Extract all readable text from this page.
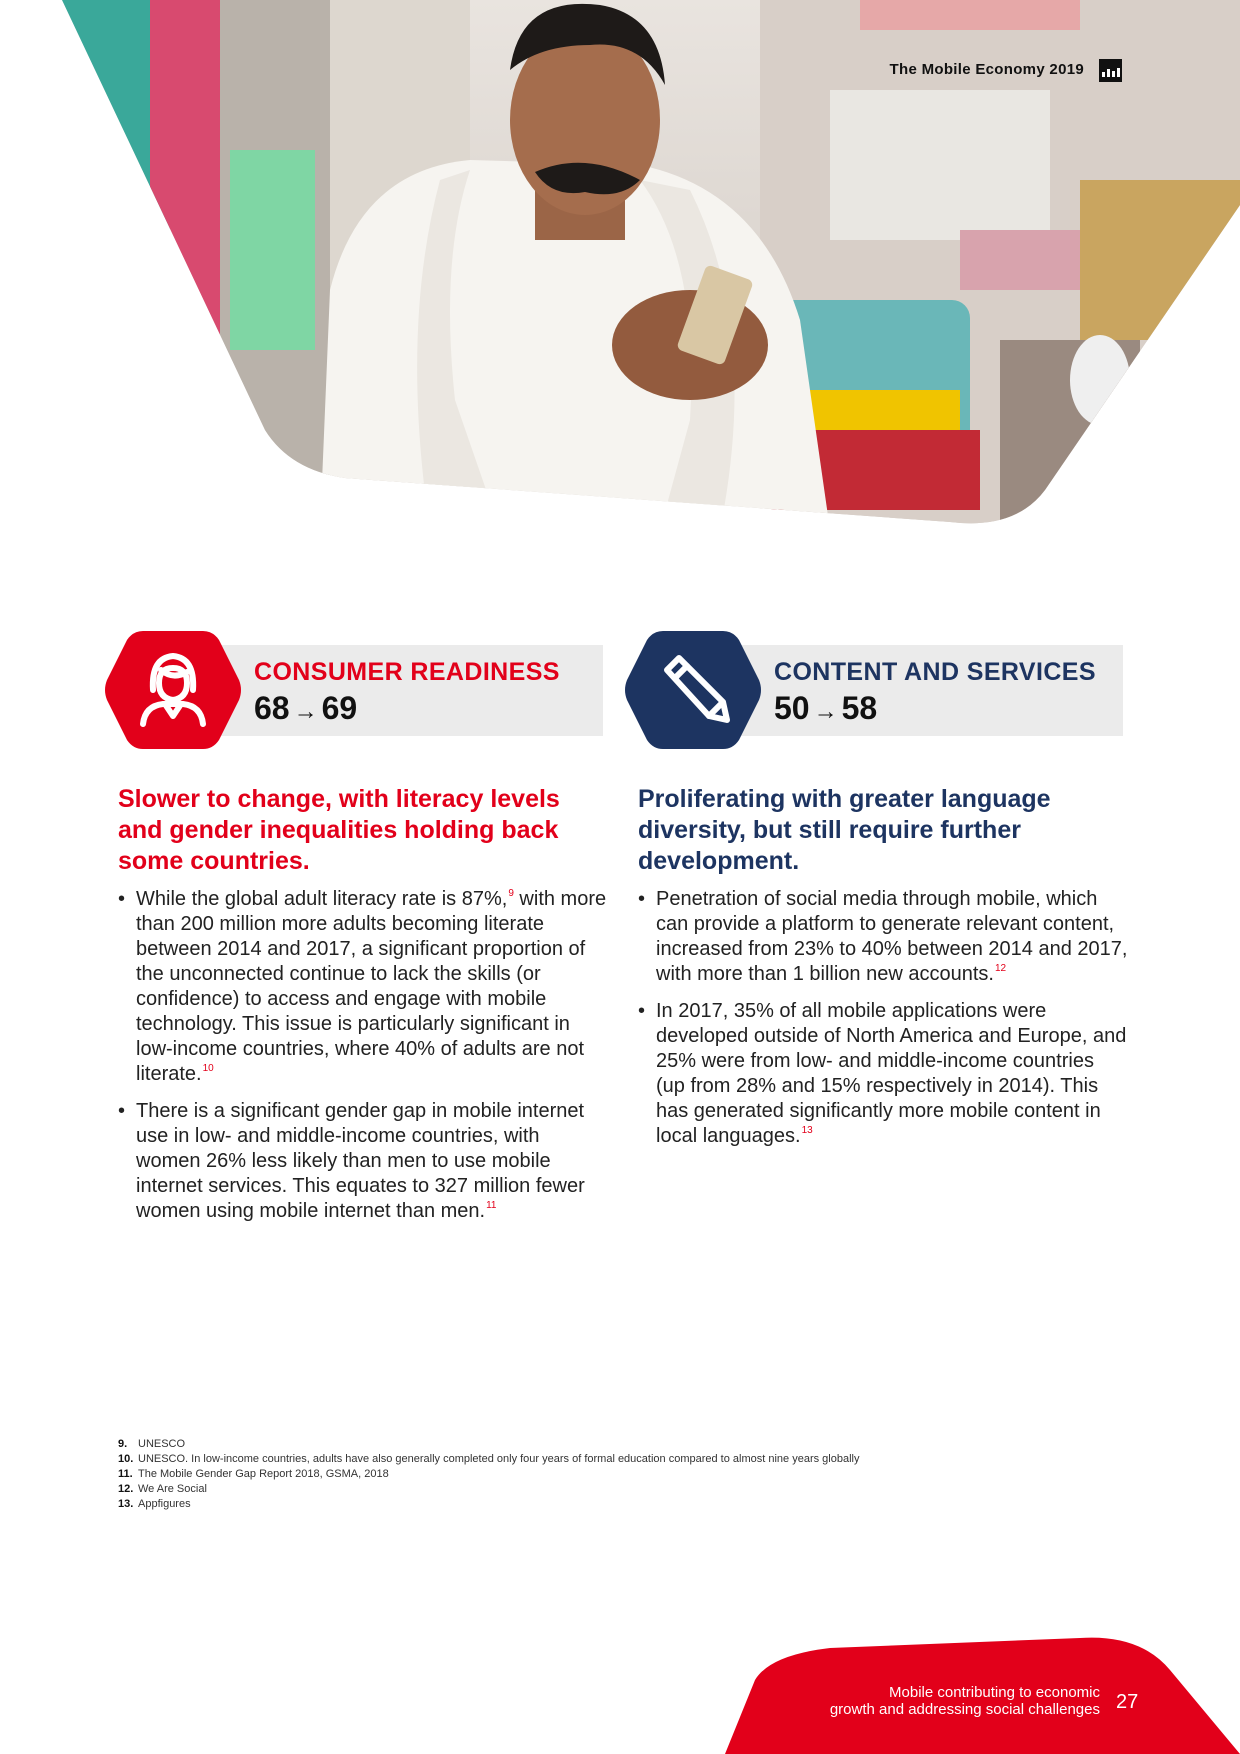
The Mobile Economy 2019
CONSUMER READINESS
68 → 69
CONTENT AND SERVICES
50 → 58
Slower to change, with literacy levels and gender inequalities holding back some countries.
• While the global adult literacy rate is 87%,$^9$ with more than 200 million more adults becoming literate between 2014 and 2017, a significant proportion of the unconnected continue to lack the skills (or confidence) to access and engage with mobile technology. This issue is particularly significant in low-income countries, where 40% of adults are not literate.$^{10}$
• There is a significant gender gap in mobile internet use in low- and middle-income countries, with women 26% less likely than men to use mobile internet services. This equates to 327 million fewer women using mobile internet than men.$^{11}$
Proliferating with greater language diversity, but still require further development.
• Penetration of social media through mobile, which can provide a platform to generate relevant content, increased from 23% to 40% between 2014 and 2017, with more than 1 billion new accounts.$^{12}$
• In 2017, 35% of all mobile applications were developed outside of North America and Europe, and 25% were from low- and middle-income countries (up from 28% and 15% respectively in 2014). This has generated significantly more mobile content in local languages.$^{13}$
9. UNESCO
10. UNESCO. In low-income countries, adults have also generally completed only four years of formal education compared to almost nine years globally
11. The Mobile Gender Gap Report 2018, GSMA, 2018
12. We Are Social
13. Appfigures
Mobile contributing to economic
growth and addressing social challenges 27
